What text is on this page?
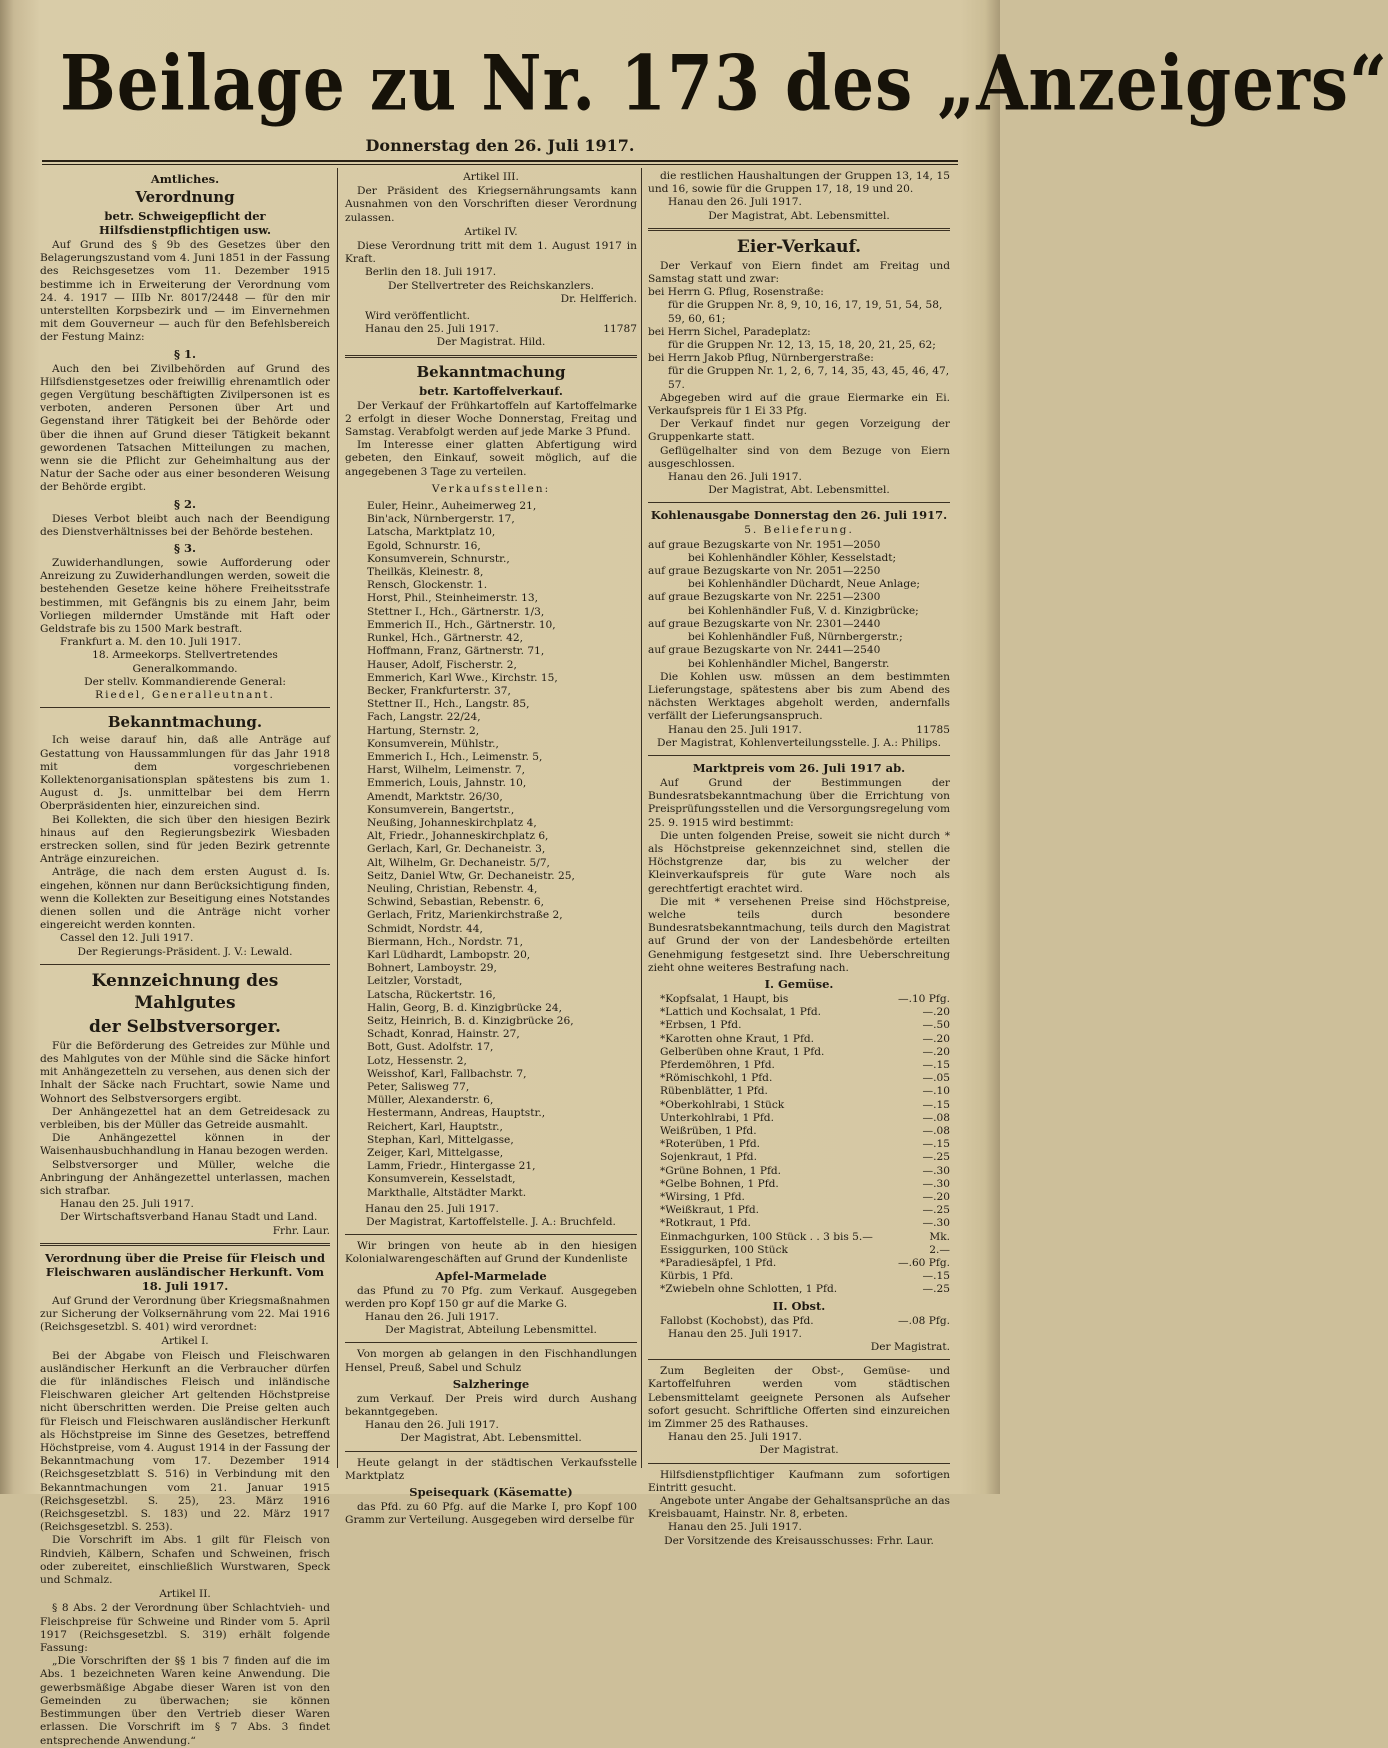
Beilage zu Nr. 173 des „Anzeigers“
Donnerstag den 26. Juli 1917.
Amtliches.
Verordnung
betr. Schweigepflicht der Hilfsdienstpflichtigen usw.

Auf Grund des § 9b des Gesetzes über den Belagerungszustand vom 4. Juni 1851 in der Fassung des Reichsgesetzes vom 11. Dezember 1915 bestimme ich in Erweiterung der Verordnung vom 24. 4. 1917 — IIIb Nr. 8017/2448 — für den mir unterstellten Korpsbezirk und — im Einvernehmen mit dem Gouverneur — auch für den Befehlsbereich der Festung Mainz:

§ 1.

Auch den bei Zivilbehörden auf Grund des Hilfsdienstgesetzes oder freiwillig ehrenamtlich oder gegen Vergütung beschäftigten Zivilpersonen ist es verboten, anderen Personen über Art und Gegenstand ihrer Tätigkeit bei der Behörde oder über die ihnen auf Grund dieser Tätigkeit bekannt gewordenen Tatsachen Mitteilungen zu machen, wenn sie die Pflicht zur Geheimhaltung aus der Natur der Sache oder aus einer besonderen Weisung der Behörde ergibt.

§ 2.

Dieses Verbot bleibt auch nach der Beendigung des Dienstverhältnisses bei der Behörde bestehen.

§ 3.

Zuwiderhandlungen, sowie Aufforderung oder Anreizung zu Zuwiderhandlungen werden, soweit die bestehenden Gesetze keine höhere Freiheitsstrafe bestimmen, mit Gefängnis bis zu einem Jahr, beim Vorliegen mildernder Umstände mit Haft oder Geldstrafe bis zu 1500 Mark bestraft.

Frankfurt a. M. den 10. Juli 1917.

18. Armeekorps. Stellvertretendes Generalkommando.

Der stellv. Kommandierende General:

Riedel, Generalleutnant.

Bekanntmachung.

Ich weise darauf hin, daß alle Anträge auf Gestattung von Haussammlungen für das Jahr 1918 mit dem vorgeschriebenen Kollektenorganisationsplan spätestens bis zum 1. August d. Js. unmittelbar bei dem Herrn Oberpräsidenten hier, einzureichen sind.

Bei Kollekten, die sich über den hiesigen Bezirk hinaus auf den Regierungsbezirk Wiesbaden erstrecken sollen, sind für jeden Bezirk getrennte Anträge einzureichen.

Anträge, die nach dem ersten August d. Is. eingehen, können nur dann Berücksichtigung finden, wenn die Kollekten zur Beseitigung eines Notstandes dienen sollen und die Anträge nicht vorher eingereicht werden konnten.

Cassel den 12. Juli 1917.

Der Regierungs-Präsident. J. V.: Lewald.

Kennzeichnung des Mahlgutes
der Selbstversorger.

Für die Beförderung des Getreides zur Mühle und des Mahlgutes von der Mühle sind die Säcke hinfort mit Anhängezetteln zu versehen, aus denen sich der Inhalt der Säcke nach Fruchtart, sowie Name und Wohnort des Selbstversorgers ergibt.

Der Anhängezettel hat an dem Getreidesack zu verbleiben, bis der Müller das Getreide ausmahlt.

Die Anhängezettel können in der Waisenhausbuchhandlung in Hanau bezogen werden.

Selbstversorger und Müller, welche die Anbringung der Anhängezettel unterlassen, machen sich strafbar.

Hanau den 25. Juli 1917.

Der Wirtschaftsverband Hanau Stadt und Land.

Frhr. Laur.

Verordnung über die Preise für Fleisch und Fleischwaren ausländischer Herkunft. Vom 18. Juli 1917.

Auf Grund der Verordnung über Kriegsmaßnahmen zur Sicherung der Volksernährung vom 22. Mai 1916 (Reichsgesetzbl. S. 401) wird verordnet:

Artikel I.

Bei der Abgabe von Fleisch und Fleischwaren ausländischer Herkunft an die Verbraucher dürfen die für inländisches Fleisch und inländische Fleischwaren gleicher Art geltenden Höchstpreise nicht überschritten werden. Die Preise gelten auch für Fleisch und Fleischwaren ausländischer Herkunft als Höchstpreise im Sinne des Gesetzes, betreffend Höchstpreise, vom 4. August 1914 in der Fassung der Bekanntmachung vom 17. Dezember 1914 (Reichsgesetzblatt S. 516) in Verbindung mit den Bekanntmachungen vom 21. Januar 1915 (Reichsgesetzbl. S. 25), 23. März 1916 (Reichsgesetzbl. S. 183) und 22. März 1917 (Reichsgesetzbl. S. 253).

Die Vorschrift im Abs. 1 gilt für Fleisch von Rindvieh, Kälbern, Schafen und Schweinen, frisch oder zubereitet, einschließlich Wurstwaren, Speck und Schmalz.

Artikel II.

§ 8 Abs. 2 der Verordnung über Schlachtvieh- und Fleischpreise für Schweine und Rinder vom 5. April 1917 (Reichsgesetzbl. S. 319) erhält folgende Fassung:

„Die Vorschriften der §§ 1 bis 7 finden auf die im Abs. 1 bezeichneten Waren keine Anwendung. Die gewerbsmäßige Abgabe dieser Waren ist von den Gemeinden zu überwachen; sie können Bestimmungen über den Vertrieb dieser Waren erlassen. Die Vorschrift im § 7 Abs. 3 findet entsprechende Anwendung.“

Artikel III.

Der Präsident des Kriegsernährungsamts kann Ausnahmen von den Vorschriften dieser Verordnung zulassen.

Artikel IV.

Diese Verordnung tritt mit dem 1. August 1917 in Kraft.

Berlin den 18. Juli 1917.

Der Stellvertreter des Reichskanzlers.

Dr. Helfferich.

Wird veröffentlicht.

Hanau den 25. Juli 1917.	11787

Der Magistrat. Hild.

Bekanntmachung
betr. Kartoffelverkauf.

Der Verkauf der Frühkartoffeln auf Kartoffelmarke 2 erfolgt in dieser Woche Donnerstag, Freitag und Samstag. Verabfolgt werden auf jede Marke 3 Pfund.

Im Interesse einer glatten Abfertigung wird gebeten, den Einkauf, soweit möglich, auf die angegebenen 3 Tage zu verteilen.

Verkaufsstellen:

Euler, Heinr., Auheimerweg 21,

Bin'ack, Nürnbergerstr. 17,

Latscha, Marktplatz 10,

Egold, Schnurstr. 16,

Konsumverein, Schnurstr.,

Theilkäs, Kleinestr. 8,

Rensch, Glockenstr. 1.

Horst, Phil., Steinheimerstr. 13,

Stettner I., Hch., Gärtnerstr. 1/3,

Emmerich II., Hch., Gärtnerstr. 10,

Runkel, Hch., Gärtnerstr. 42,

Hoffmann, Franz, Gärtnerstr. 71,

Hauser, Adolf, Fischerstr. 2,

Emmerich, Karl Wwe., Kirchstr. 15,

Becker, Frankfurterstr. 37,

Stettner II., Hch., Langstr. 85,

Fach, Langstr. 22/24,

Hartung, Sternstr. 2,

Konsumverein, Mühlstr.,

Emmerich I., Hch., Leimenstr. 5,

Harst, Wilhelm, Leimenstr. 7,

Emmerich, Louis, Jahnstr. 10,

Amendt, Marktstr. 26/30,

Konsumverein, Bangertstr.,

Neußing, Johanneskirchplatz 4,

Alt, Friedr., Johanneskirchplatz 6,

Gerlach, Karl, Gr. Dechaneistr. 3,

Alt, Wilhelm, Gr. Dechaneistr. 5/7,

Seitz, Daniel Wtw, Gr. Dechaneistr. 25,

Neuling, Christian, Rebenstr. 4,

Schwind, Sebastian, Rebenstr. 6,

Gerlach, Fritz, Marienkirchstraße 2,

Schmidt, Nordstr. 44,

Biermann, Hch., Nordstr. 71,

Karl Lüdhardt, Lambopstr. 20,

Bohnert, Lamboystr. 29,

Leitzler, Vorstadt,

Latscha, Rückertstr. 16,

Halin, Georg, B. d. Kinzigbrücke 24,

Seitz, Heinrich, B. d. Kinzigbrücke 26,

Schadt, Konrad, Hainstr. 27,

Bott, Gust. Adolfstr. 17,

Lotz, Hessenstr. 2,

Weisshof, Karl, Fallbachstr. 7,

Peter, Salisweg 77,

Müller, Alexanderstr. 6,

Hestermann, Andreas, Hauptstr.,

Reichert, Karl, Hauptstr.,

Stephan, Karl, Mittelgasse,

Zeiger, Karl, Mittelgasse,

Lamm, Friedr., Hintergasse 21,

Konsumverein, Kesselstadt,

Markthalle, Altstädter Markt.

Hanau den 25. Juli 1917.

Der Magistrat, Kartoffelstelle. J. A.: Bruchfeld.

Wir bringen von heute ab in den hiesigen Kolonialwarengeschäften auf Grund der Kundenliste

Apfel-Marmelade

das Pfund zu 70 Pfg. zum Verkauf. Ausgegeben werden pro Kopf 150 gr auf die Marke G.

Hanau den 26. Juli 1917.

Der Magistrat, Abteilung Lebensmittel.

Von morgen ab gelangen in den Fischhandlungen Hensel, Preuß, Sabel und Schulz

Salzheringe

zum Verkauf. Der Preis wird durch Aushang bekanntgegeben.

Hanau den 26. Juli 1917.

Der Magistrat, Abt. Lebensmittel.

Heute gelangt in der städtischen Verkaufsstelle Marktplatz

Speisequark (Käsematte)

das Pfd. zu 60 Pfg. auf die Marke I, pro Kopf 100 Gramm zur Verteilung. Ausgegeben wird derselbe für

die restlichen Haushaltungen der Gruppen 13, 14, 15 und 16, sowie für die Gruppen 17, 18, 19 und 20.

Hanau den 26. Juli 1917.

Der Magistrat, Abt. Lebensmittel.

Eier-Verkauf.

Der Verkauf von Eiern findet am Freitag und Samstag statt und zwar:

bei Herrn G. Pflug, Rosenstraße:

für die Gruppen Nr. 8, 9, 10, 16, 17, 19, 51, 54, 58, 59, 60, 61;

bei Herrn Sichel, Paradeplatz:

für die Gruppen Nr. 12, 13, 15, 18, 20, 21, 25, 62;

bei Herrn Jakob Pflug, Nürnbergerstraße:

für die Gruppen Nr. 1, 2, 6, 7, 14, 35, 43, 45, 46, 47, 57.

Abgegeben wird auf die graue Eiermarke ein Ei. Verkaufspreis für 1 Ei 33 Pfg.

Der Verkauf findet nur gegen Vorzeigung der Gruppenkarte statt.

Geflügelhalter sind von dem Bezuge von Eiern ausgeschlossen.

Hanau den 26. Juli 1917.

Der Magistrat, Abt. Lebensmittel.

Kohlenausgabe Donnerstag den 26. Juli 1917.
5. Belieferung.

auf graue Bezugskarte von Nr. 1951—2050

bei Kohlenhändler Köhler, Kesselstadt;

auf graue Bezugskarte von Nr. 2051—2250

bei Kohlenhändler Düchardt, Neue Anlage;

auf graue Bezugskarte von Nr. 2251—2300

bei Kohlenhändler Fuß, V. d. Kinzigbrücke;

auf graue Bezugskarte von Nr. 2301—2440

bei Kohlenhändler Fuß, Nürnbergerstr.;

auf graue Bezugskarte von Nr. 2441—2540

bei Kohlenhändler Michel, Bangerstr.

Die Kohlen usw. müssen an dem bestimmten Lieferungstage, spätestens aber bis zum Abend des nächsten Werktages abgeholt werden, andernfalls verfällt der Lieferungsanspruch.

Hanau den 25. Juli 1917.	11785

Der Magistrat, Kohlenverteilungsstelle. J. A.: Philips.

Marktpreis vom 26. Juli 1917 ab.

Auf Grund der Bestimmungen der Bundesratsbekanntmachung über die Errichtung von Preisprüfungsstellen und die Versorgungsregelung vom 25. 9. 1915 wird bestimmt:

Die unten folgenden Preise, soweit sie nicht durch * als Höchstpreise gekennzeichnet sind, stellen die Höchstgrenze dar, bis zu welcher der Kleinverkaufspreis für gute Ware noch als gerechtfertigt erachtet wird.

Die mit * versehenen Preise sind Höchstpreise, welche teils durch besondere Bundesratsbekanntmachung, teils durch den Magistrat auf Grund der von der Landesbehörde erteilten Genehmigung festgesetzt sind. Ihre Ueberschreitung zieht ohne weiteres Bestrafung nach.

I. Gemüse.

*Kopfsalat, 1 Haupt, bis	—.10 Pfg.

*Lattich und Kochsalat, 1 Pfd.	—.20

*Erbsen, 1 Pfd.	—.50

*Karotten ohne Kraut, 1 Pfd.	—.20

Gelberüben ohne Kraut, 1 Pfd.	—.20

Pferdemöhren, 1 Pfd.	—.15

*Römischkohl, 1 Pfd.	—.05

Rübenblätter, 1 Pfd.	—.10

*Oberkohlrabi, 1 Stück	—.15

Unterkohlrabi, 1 Pfd.	—.08

Weißrüben, 1 Pfd.	—.08

*Roterüben, 1 Pfd.	—.15

Sojenkraut, 1 Pfd.	—.25

*Grüne Bohnen, 1 Pfd.	—.30

*Gelbe Bohnen, 1 Pfd.	—.30

*Wirsing, 1 Pfd.	—.20

*Weißkraut, 1 Pfd.	—.25

*Rotkraut, 1 Pfd.	—.30

Einmachgurken, 100 Stück . . 3 bis 5.—	Mk.

Essiggurken, 100 Stück	2.—

*Paradiesäpfel, 1 Pfd.	—.60 Pfg.

Kürbis, 1 Pfd.	—.15

*Zwiebeln ohne Schlotten, 1 Pfd.	—.25

II. Obst.

Fallobst (Kochobst), das Pfd.	—.08 Pfg.

Hanau den 25. Juli 1917.

Der Magistrat.

Zum Begleiten der Obst-, Gemüse- und Kartoffelfuhren werden vom städtischen Lebensmittelamt geeignete Personen als Aufseher sofort gesucht. Schriftliche Offerten sind einzureichen im Zimmer 25 des Rathauses.

Hanau den 25. Juli 1917.

Der Magistrat.

Hilfsdienstpflichtiger Kaufmann zum sofortigen Eintritt gesucht.

Angebote unter Angabe der Gehaltsansprüche an das Kreisbauamt, Hainstr. Nr. 8, erbeten.

Hanau den 25. Juli 1917.

Der Vorsitzende des Kreisausschusses: Frhr. Laur.
